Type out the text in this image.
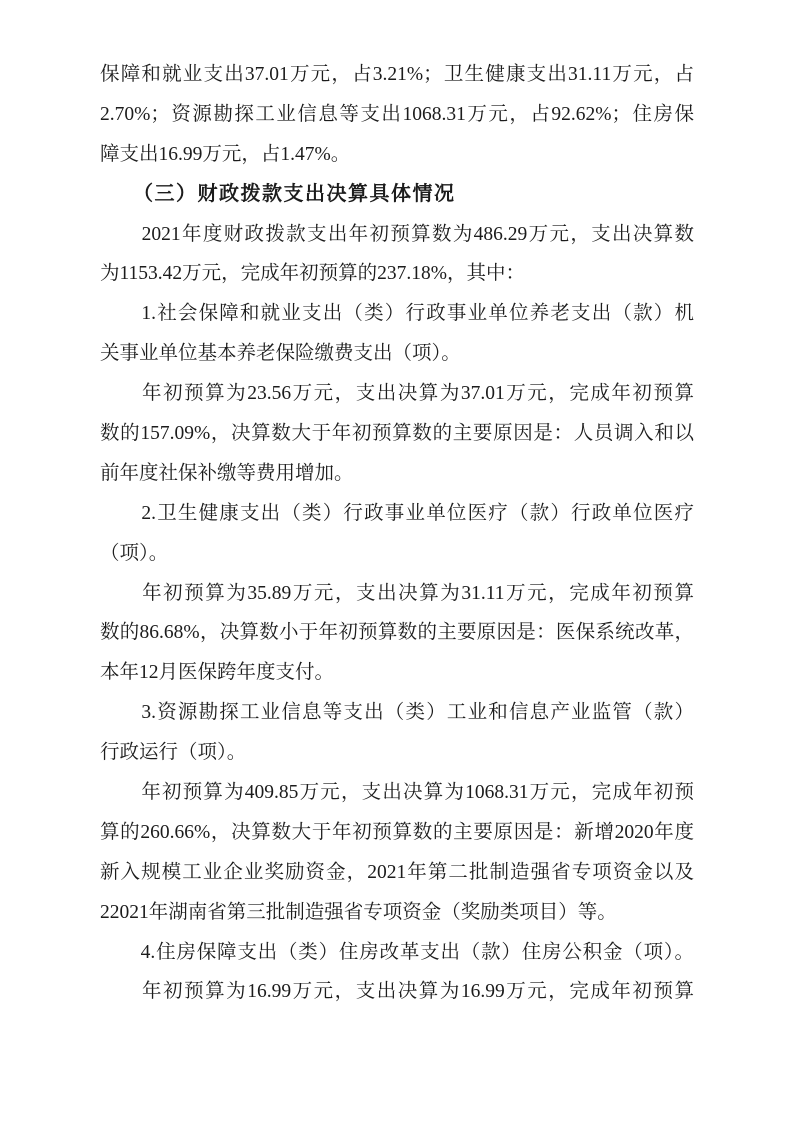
保障和就业支出37.01万元，占3.21%；卫生健康支出31.11万元，占
2.70%；资源勘探工业信息等支出1068.31万元，占92.62%；住房保
障支出16.99万元，占1.47%。
　　（三）财政拨款支出决算具体情况
　　2021年度财政拨款支出年初预算数为486.29万元，支出决算数
为1153.42万元，完成年初预算的237.18%，其中：
　　1.社会保障和就业支出（类）行政事业单位养老支出（款）机
关事业单位基本养老保险缴费支出（项）。
　　年初预算为23.56万元，支出决算为37.01万元，完成年初预算
数的157.09%，决算数大于年初预算数的主要原因是：人员调入和以
前年度社保补缴等费用增加。
　　2.卫生健康支出（类）行政事业单位医疗（款）行政单位医疗
（项）。
　　年初预算为35.89万元，支出决算为31.11万元，完成年初预算
数的86.68%，决算数小于年初预算数的主要原因是：医保系统改革，
本年12月医保跨年度支付。
　　3.资源勘探工业信息等支出（类）工业和信息产业监管（款）
行政运行（项）。
　　年初预算为409.85万元，支出决算为1068.31万元，完成年初预
算的260.66%，决算数大于年初预算数的主要原因是：新增2020年度
新入规模工业企业奖励资金，2021年第二批制造强省专项资金以及
22021年湖南省第三批制造强省专项资金（奖励类项目）等。
　　4.住房保障支出（类）住房改革支出（款）住房公积金（项）。
　　年初预算为16.99万元，支出决算为16.99万元，完成年初预算
